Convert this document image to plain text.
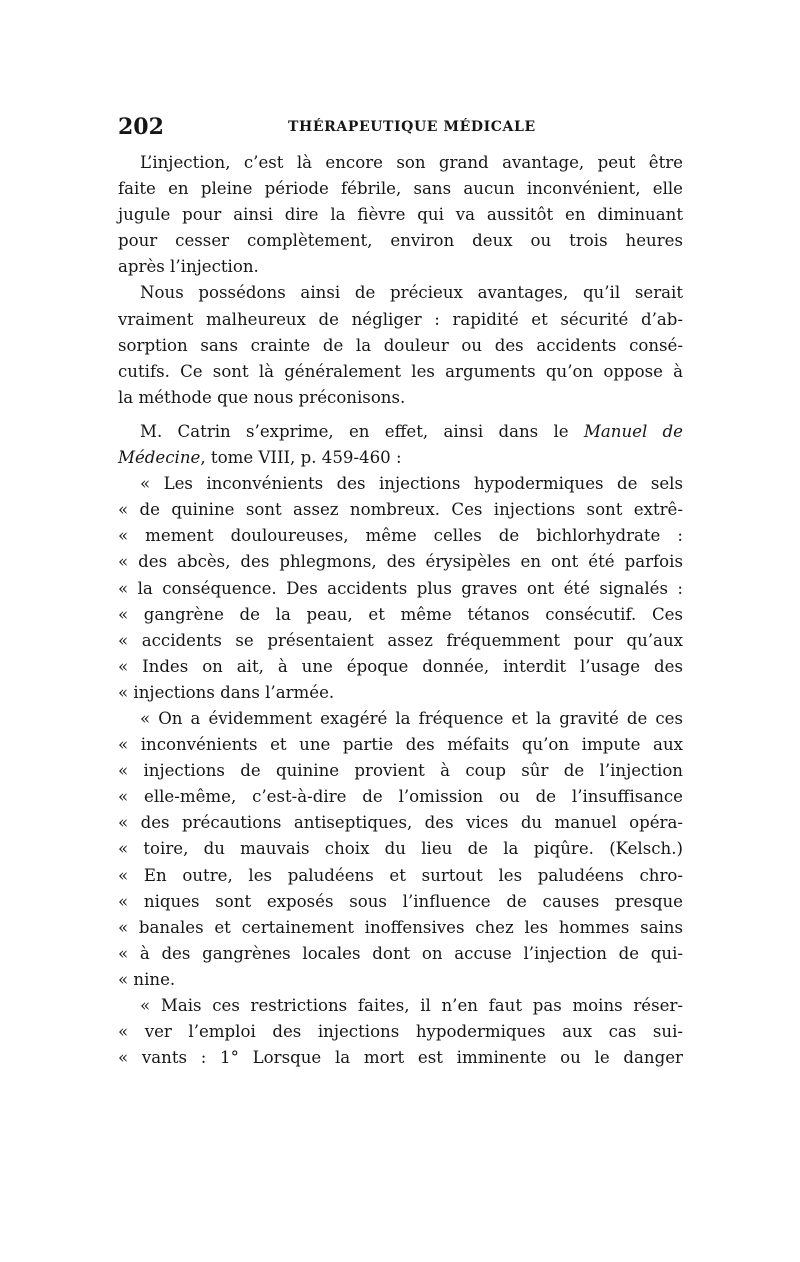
202	THÉRAPEUTIQUE MÉDICALE
L’injection, c’est là encore son grand avantage, peut être
faite en pleine période fébrile, sans aucun inconvénient, elle
jugule pour ainsi dire la fièvre qui va aussitôt en diminuant
pour cesser complètement, environ deux ou trois heures
après l’injection.
Nous possédons ainsi de précieux avantages, qu’il serait
vraiment malheureux de négliger : rapidité et sécurité d’ab-
sorption sans crainte de la douleur ou des accidents consé-
cutifs. Ce sont là généralement les arguments qu’on oppose à
la méthode que nous préconisons.
M. Catrin s’exprime, en effet, ainsi dans le Manuel de
Médecine, tome VIII, p. 459-460 :
« Les inconvénients des injections hypodermiques de sels
« de quinine sont assez nombreux. Ces injections sont extrê-
« mement douloureuses, même celles de bichlorhydrate :
« des abcès, des phlegmons, des érysipèles en ont été parfois
« la conséquence. Des accidents plus graves ont été signalés :
« gangrène de la peau, et même tétanos consécutif. Ces
« accidents se présentaient assez fréquemment pour qu’aux
« Indes on ait, à une époque donnée, interdit l’usage des
« injections dans l’armée.
« On a évidemment exagéré la fréquence et la gravité de ces
« inconvénients et une partie des méfaits qu’on impute aux
« injections de quinine provient à coup sûr de l’injection
« elle-même, c’est-à-dire de l’omission ou de l’insuffisance
« des précautions antiseptiques, des vices du manuel opéra-
« toire, du mauvais choix du lieu de la piqûre. (Kelsch.)
« En outre, les paludéens et surtout les paludéens chro-
« niques sont exposés sous l’influence de causes presque
« banales et certainement inoffensives chez les hommes sains
« à des gangrènes locales dont on accuse l’injection de qui-
« nine.
« Mais ces restrictions faites, il n’en faut pas moins réser-
« ver l’emploi des injections hypodermiques aux cas sui-
« vants : 1° Lorsque la mort est imminente ou le danger
